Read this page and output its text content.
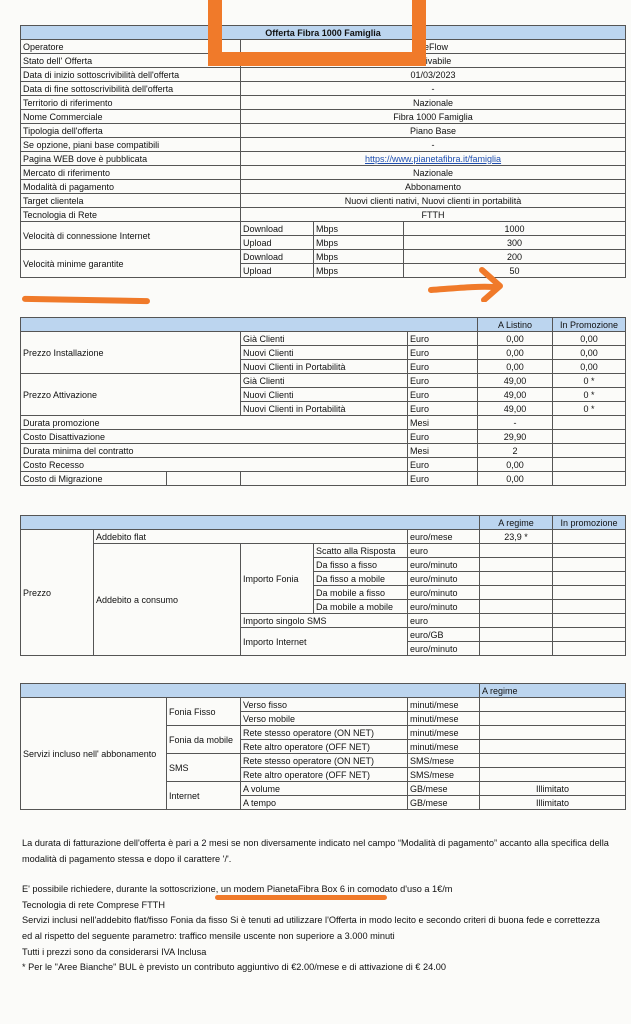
Offerta Fibra 1000 Famiglia			
Operatore	SeFlow		
Stato dell' Offerta	Attivabile		
Data di inizio sottoscrivibilità dell'offerta	01/03/2023		
Data di fine sottoscrivibilità dell'offerta	-		
Territorio di riferimento	Nazionale		
Nome Commerciale	Fibra 1000 Famiglia		
Tipologia dell'offerta	Piano Base		
Se opzione, piani base compatibili	-		
Pagina WEB dove è pubblicata	https://www.pianetafibra.it/famiglia		
Mercato di riferimento	Nazionale		
Modalità di pagamento	Abbonamento		
Target clientela	Nuovi clienti nativi, Nuovi clienti in portabilità		
Tecnologia di Rete	FTTH		
Velocità di connessione Internet	Download	Mbps	1000
	Upload	Mbps	300
Velocità minime garantite	Download	Mbps	200
	Upload	Mbps	50
				A Listino	In Promozione
Prezzo Installazione		Già Clienti	Euro	0,00	0,00
		Nuovi Clienti	Euro	0,00	0,00
		Nuovi Clienti in Portabilità	Euro	0,00	0,00
Prezzo Attivazione		Già Clienti	Euro	49,00	0 *
		Nuovi Clienti	Euro	49,00	0 *
		Nuovi Clienti in Portabilità	Euro	49,00	0 *
Durata promozione			Mesi	-	
Costo Disattivazione			Euro	29,90	
Durata minima del contratto			Mesi	2	
Costo Recesso			Euro	0,00	
Costo di Migrazione			Euro	0,00	
					A regime	In promozione
Prezzo	Addebito flat			euro/mese	23,9 *	
	Addebito a consumo	Importo Fonia	Scatto alla Risposta	euro		
			Da fisso a fisso	euro/minuto		
			Da fisso a mobile	euro/minuto		
			Da mobile a fisso	euro/minuto		
			Da mobile a mobile	euro/minuto		
		Importo singolo SMS		euro		
		Importo Internet		euro/GB		
				euro/minuto		
				A regime
Servizi incluso nell' abbonamento	Fonia Fisso	Verso fisso	minuti/mese	
		Verso mobile	minuti/mese	
	Fonia da mobile	Rete stesso operatore (ON NET)	minuti/mese	
		Rete altro operatore (OFF NET)	minuti/mese	
	SMS	Rete stesso operatore (ON NET)	SMS/mese	
		Rete altro operatore (OFF NET)	SMS/mese	
	Internet	A volume	GB/mese	Illimitato
		A tempo	GB/mese	Illimitato

La durata di fatturazione dell'offerta è pari a 2 mesi se non diversamente indicato nel campo “Modalità di pagamento” accanto alla specifica della modalità di pagamento stessa e dopo il carattere '/'.

E' possibile richiedere, durante la sottoscrizione, un modem PianetaFibra Box 6 in comodato d'uso a 1€/m

Tecnologia di rete Comprese FTTH

Servizi inclusi nell'addebito flat/fisso Fonia da fisso Si è tenuti ad utilizzare l'Offerta in modo lecito e secondo criteri di buona fede e correttezza ed al rispetto del seguente parametro: traffico mensile uscente non superiore a 3.000 minuti

Tutti i prezzi sono da considerarsi IVA Inclusa

* Per le "Aree Bianche" BUL è previsto un contributo aggiuntivo di €2.00/mese e di attivazione di € 24.00
